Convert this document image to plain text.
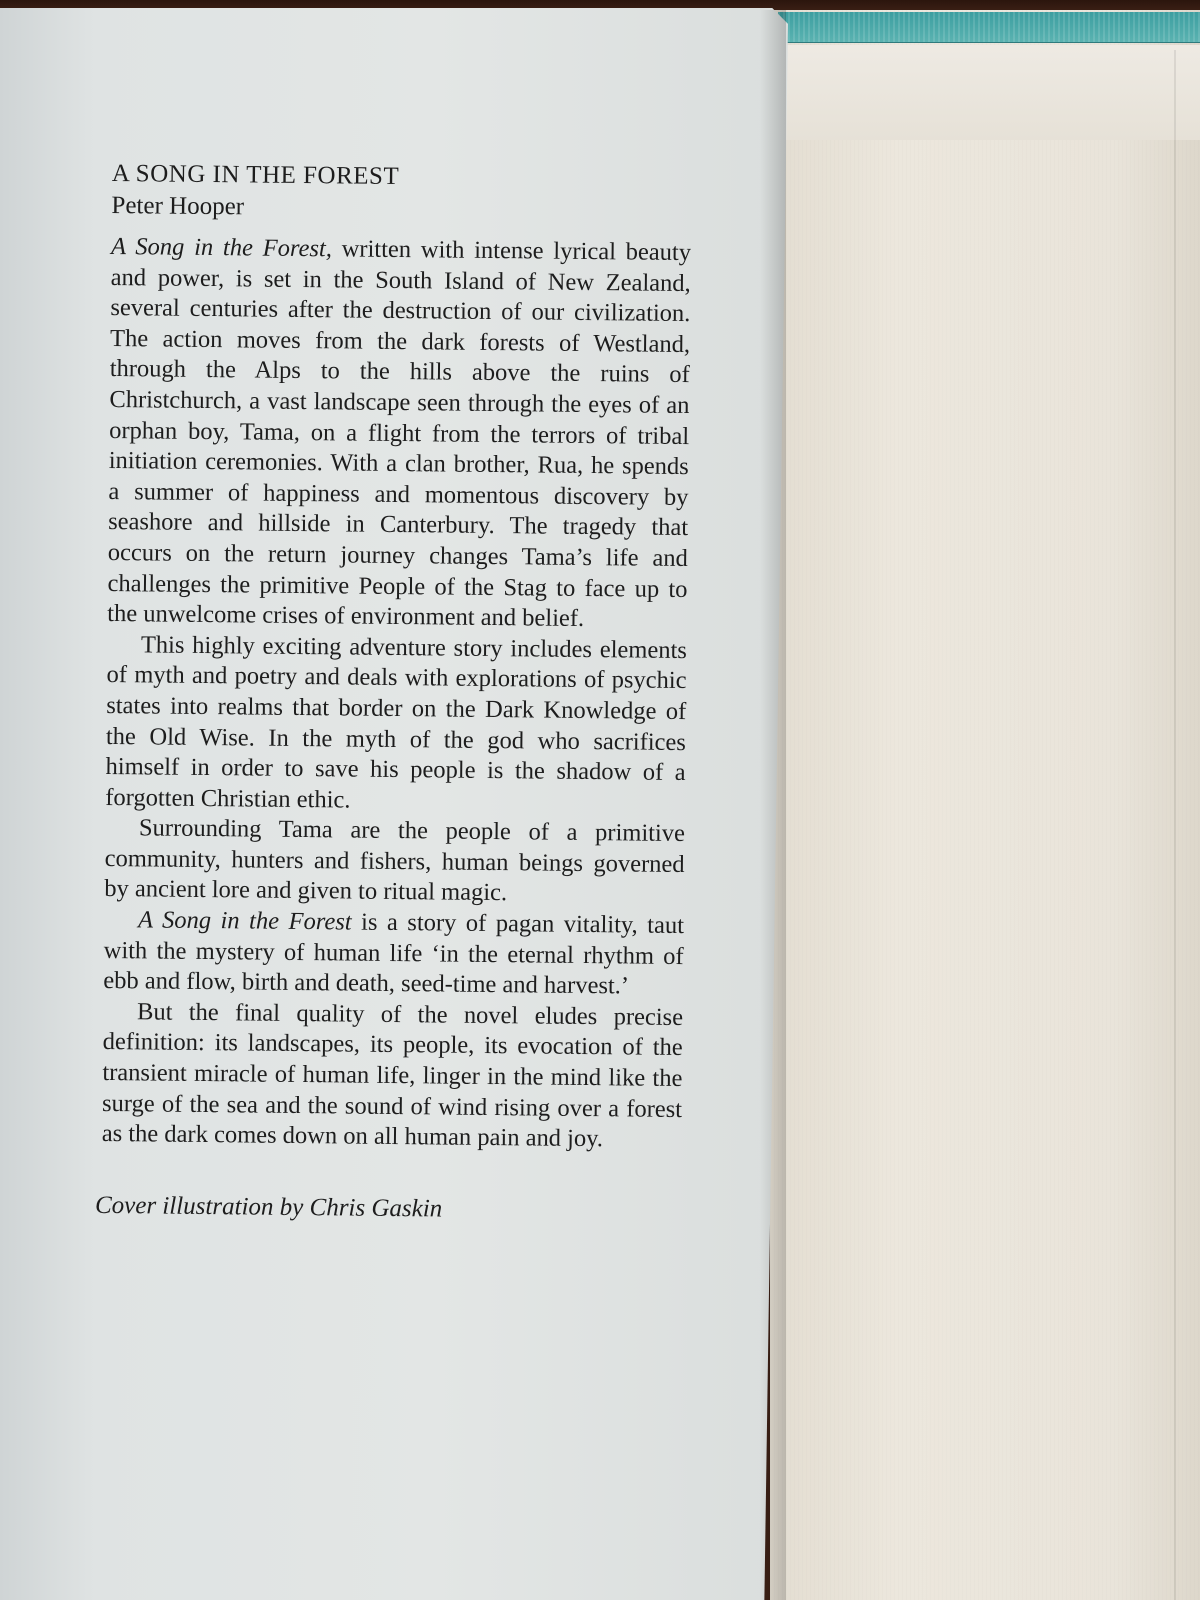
A SONG IN THE FOREST

Peter Hooper

A Song in the Forest, written with intense lyrical beauty and power, is set in the South Island of New Zealand, several centuries after the destruction of our civilization. The action moves from the dark forests of Westland, through the Alps to the hills above the ruins of Christchurch, a vast landscape seen through the eyes of an orphan boy, Tama, on a flight from the terrors of tribal initiation ceremonies. With a clan brother, Rua, he spends a summer of happiness and momentous discovery by seashore and hillside in Canterbury. The tragedy that occurs on the return journey changes Tama’s life and challenges the primitive People of the Stag to face up to the unwelcome crises of environment and belief.

This highly exciting adventure story includes elements of myth and poetry and deals with explorations of psychic states into realms that border on the Dark Knowledge of the Old Wise. In the myth of the god who sacrifices himself in order to save his people is the shadow of a forgotten Christian ethic.

Surrounding Tama are the people of a primitive community, hunters and fishers, human beings governed by ancient lore and given to ritual magic.

A Song in the Forest is a story of pagan vitality, taut with the mystery of human life ‘in the eternal rhythm of ebb and flow, birth and death, seed-time and harvest.’

But the final quality of the novel eludes precise definition: its landscapes, its people, its evocation of the transient miracle of human life, linger in the mind like the surge of the sea and the sound of wind rising over a forest as the dark comes down on all human pain and joy.

Cover illustration by Chris Gaskin
